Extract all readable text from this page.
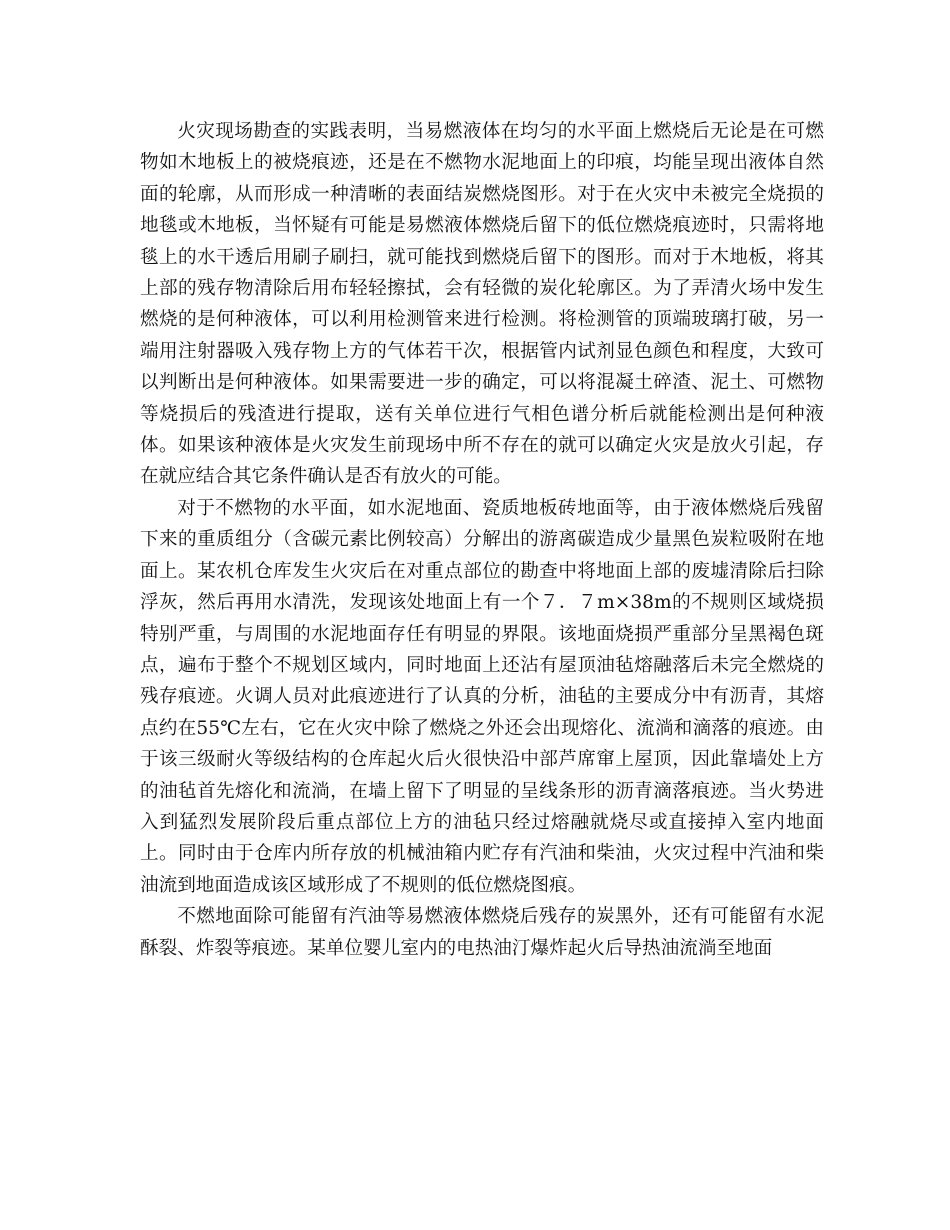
火灾现场勘查的实践表明，当易燃液体在均匀的水平面上燃烧后无论是在可燃物如木地板上的被烧痕迹，还是在不燃物水泥地面上的印痕，均能呈现出液体自然面的轮廓，从而形成一种清晰的表面结炭燃烧图形。对于在火灾中未被完全烧损的地毯或木地板，当怀疑有可能是易燃液体燃烧后留下的低位燃烧痕迹时，只需将地毯上的水干透后用刷子刷扫，就可能找到燃烧后留下的图形。而对于木地板，将其上部的残存物清除后用布轻轻擦拭，会有轻微的炭化轮廓区。为了弄清火场中发生燃烧的是何种液体，可以利用检测管来进行检测。将检测管的顶端玻璃打破，另一端用注射器吸入残存物上方的气体若干次，根据管内试剂显色颜色和程度，大致可以判断出是何种液体。如果需要进一步的确定，可以将混凝土碎渣、泥土、可燃物等烧损后的残渣进行提取，送有关单位进行气相色谱分析后就能检测出是何种液体。如果该种液体是火灾发生前现场中所不存在的就可以确定火灾是放火引起，存在就应结合其它条件确认是否有放火的可能。

对于不燃物的水平面，如水泥地面、瓷质地板砖地面等，由于液体燃烧后残留下来的重质组分（含碳元素比例较高）分解出的游离碳造成少量黑色炭粒吸附在地面上。某农机仓库发生火灾后在对重点部位的勘查中将地面上部的废墟清除后扫除浮灰，然后再用水清洗，发现该处地面上有一个７．７m×38m的不规则区域烧损特别严重，与周围的水泥地面存任有明显的界限。该地面烧损严重部分呈黑褐色斑点，遍布于整个不规划区域内，同时地面上还沾有屋顶油毡熔融落后未完全燃烧的残存痕迹。火调人员对此痕迹进行了认真的分析，油毡的主要成分中有沥青，其熔点约在55℃左右，它在火灾中除了燃烧之外还会出现熔化、流淌和滴落的痕迹。由于该三级耐火等级结构的仓库起火后火很快沿中部芦席窜上屋顶，因此靠墙处上方的油毡首先熔化和流淌，在墙上留下了明显的呈线条形的沥青滴落痕迹。当火势进入到猛烈发展阶段后重点部位上方的油毡只经过熔融就烧尽或直接掉入室内地面上。同时由于仓库内所存放的机械油箱内贮存有汽油和柴油，火灾过程中汽油和柴油流到地面造成该区域形成了不规则的低位燃烧图痕。

不燃地面除可能留有汽油等易燃液体燃烧后残存的炭黑外，还有可能留有水泥酥裂、炸裂等痕迹。某单位婴儿室内的电热油汀爆炸起火后导热油流淌至地面
